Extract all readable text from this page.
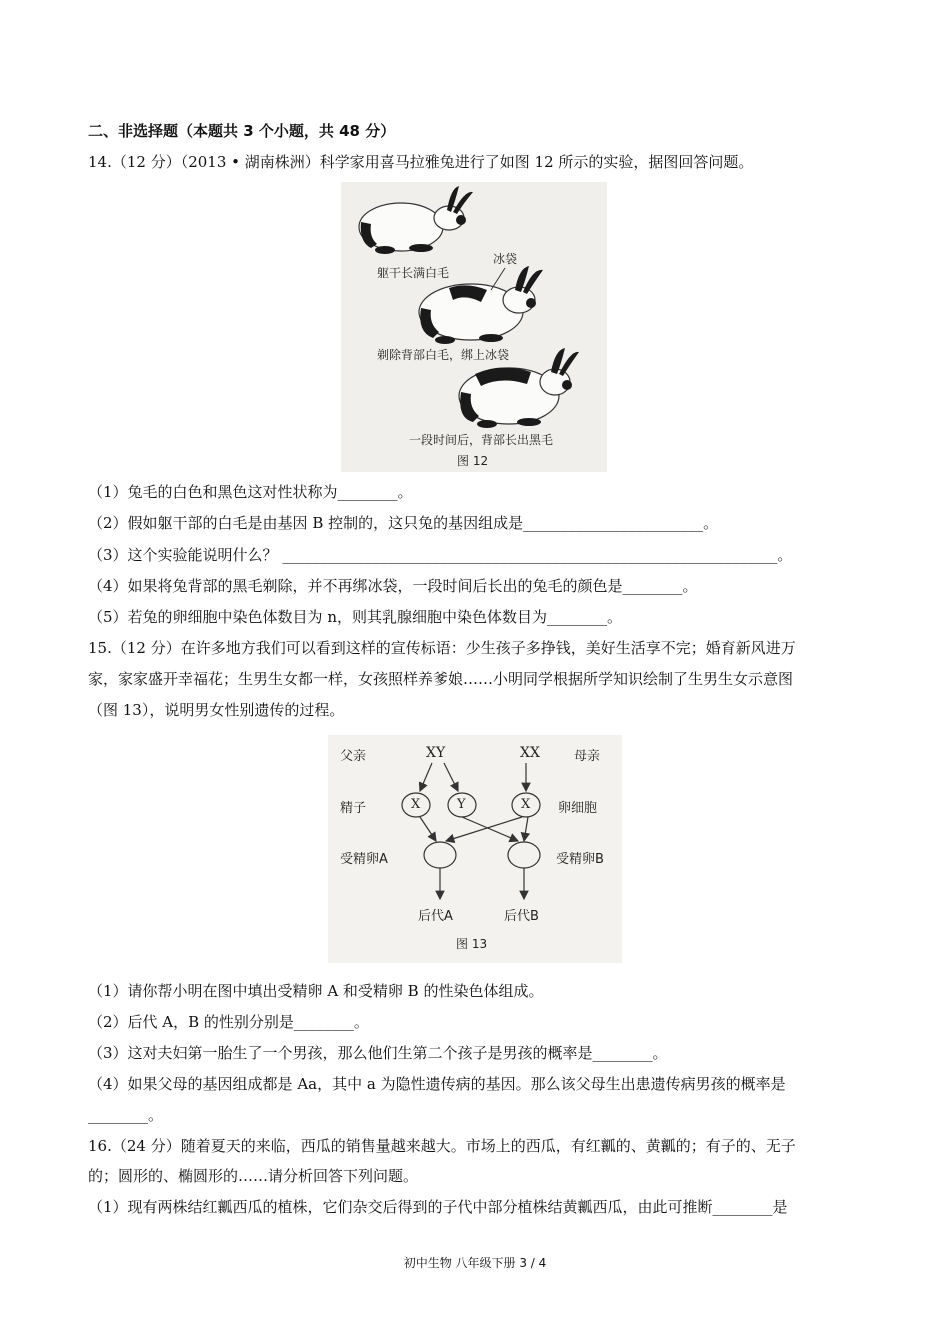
二、非选择题（本题共 3 个小题，共 48 分）
14.（12 分）（2013 • 湖南株洲）科学家用喜马拉雅兔进行了如图 12 所示的实验，据图回答问题。
躯干长满白毛
冰袋
剃除背部白毛，绑上冰袋
一段时间后，背部长出黑毛
图 12
（1）兔毛的白色和黑色这对性状称为________。
（2）假如躯干部的白毛是由基因 B 控制的，这只兔的基因组成是________________________。
（3）这个实验能说明什么？ __________________________________________________________________。
（4）如果将兔背部的黑毛剃除，并不再绑冰袋，一段时间后长出的兔毛的颜色是________。
（5）若兔的卵细胞中染色体数目为 n，则其乳腺细胞中染色体数目为________。
15.（12 分）在许多地方我们可以看到这样的宣传标语：少生孩子多挣钱，美好生活享不完；婚育新风进万
家，家家盛开幸福花；生男生女都一样，女孩照样养爹娘……小明同学根据所学知识绘制了生男生女示意图
（图 13），说明男女性别遗传的过程。
父亲	XY	XX	母亲
精子	X	Y	X 卵细胞
受精卵A	受精卵B
后代A	后代B
图 13
（1）请你帮小明在图中填出受精卵 A 和受精卵 B 的性染色体组成。
（2）后代 A，B 的性别分别是________。
（3）这对夫妇第一胎生了一个男孩，那么他们生第二个孩子是男孩的概率是________。
（4）如果父母的基因组成都是 Aa，其中 a 为隐性遗传病的基因。那么该父母生出患遗传病男孩的概率是
________。
16.（24 分）随着夏天的来临，西瓜的销售量越来越大。市场上的西瓜，有红瓤的、黄瓤的；有子的、无子
的；圆形的、椭圆形的……请分析回答下列问题。
（1）现有两株结红瓤西瓜的植株，它们杂交后得到的子代中部分植株结黄瓤西瓜，由此可推断________是
初中生物 八年级下册 3 / 4
